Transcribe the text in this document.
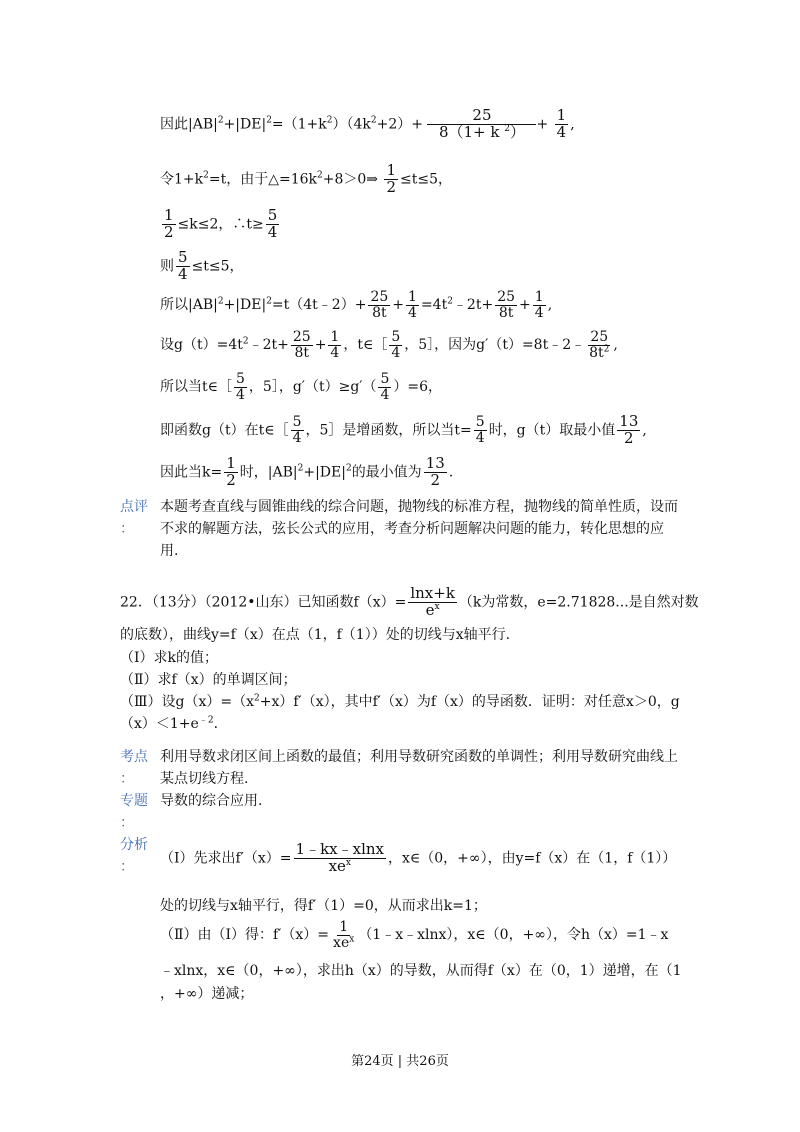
因此$|AB|^2+|DE|^2=(1+k^2)(4k^2+2)+ \frac{25}{8(1+ k ^2)} + \frac{1}{4}$ ,
令$1+k^2=t$，由于$\triangle=16k^2+8>0\Rightarrow \frac{1}{2} \le t\le 5$，
$\frac{1}{2} \le k\le 2$，∴t≥ $\frac{5}{4}$
则 $\frac{5}{4} \le t\le 5$，
所以$|AB|^2+|DE|^2=t(4t﹣2)+ \frac{25}{8t} + \frac{1}{4}$ $=4t^2﹣2t+ \frac{25}{8t} + \frac{1}{4}$ ,
设$g(t)=4t^2﹣2t+ \frac{25}{8t} + \frac{1}{4}$ ，t∈［ $\frac{5}{4}$ ，5］，因为g′（t）=8t﹣2﹣ $\frac{25}{8t^2}$ ,
所以当t∈［ $\frac{5}{4}$ ，5］，$g'(t)\ge g'( \frac{5}{4} )=6$，
即函数g（t）在t∈［ $\frac{5}{4}$ ，5］是增函数，所以当$t= \frac{5}{4}$ 时，g（t）取最小值 $\frac{13}{2}$ ,
因此当$k= \frac{1}{2}$ 时，$|AB|^2+|DE|^2$的最小值为 $\frac{13}{2}$ .
点评
：
本题考查直线与圆锥曲线的综合问题，抛物线的标准方程，抛物线的简单性质，设而不求的解题方法，弦长公式的应用，考查分析问题解决问题的能力，转化思想的应用.
22．（13分）（2012•山东）已知函数$f(x)= \frac{\ln x+k}{e^x} (k$为常数，e=2.71828...是自然对数
的底数），曲线y=f（x）在点（1，f（1））处的切线与x轴平行.
（Ⅰ）求k的值；
（Ⅱ）求f（x）的单调区间；
（Ⅲ）设$g(x)=(x^2+x)f'(x)$，其中f′（x）为f（x）的导函数．证明：对任意x＞0，g
$(x)<1+e^{﹣2}$.
考点
：
利用导数求闭区间上函数的最值；利用导数研究函数的单调性；利用导数研究曲线上某点切线方程.
专题
：
导数的综合应用.
分析
：
（Ⅰ）先求出$f'(x)= \frac{1﹣kx﹣xlnx}{xe^x}$ ，x∈（0，+∞），由y=f（x）在（1，f（1））
处的切线与x轴平行，得f′（1）=0，从而求出k=1；
（Ⅱ）由（Ⅰ）得：$f'(x)= \frac{1}{xe^x}$ （1﹣x﹣xlnx），x∈（0，+∞），令h（x）=1﹣x
﹣xlnx，x∈（0，+∞），求出h（x）的导数，从而得f（x）在（0，1）递增，在（1
，+∞）递减；
第24页 | 共26页
